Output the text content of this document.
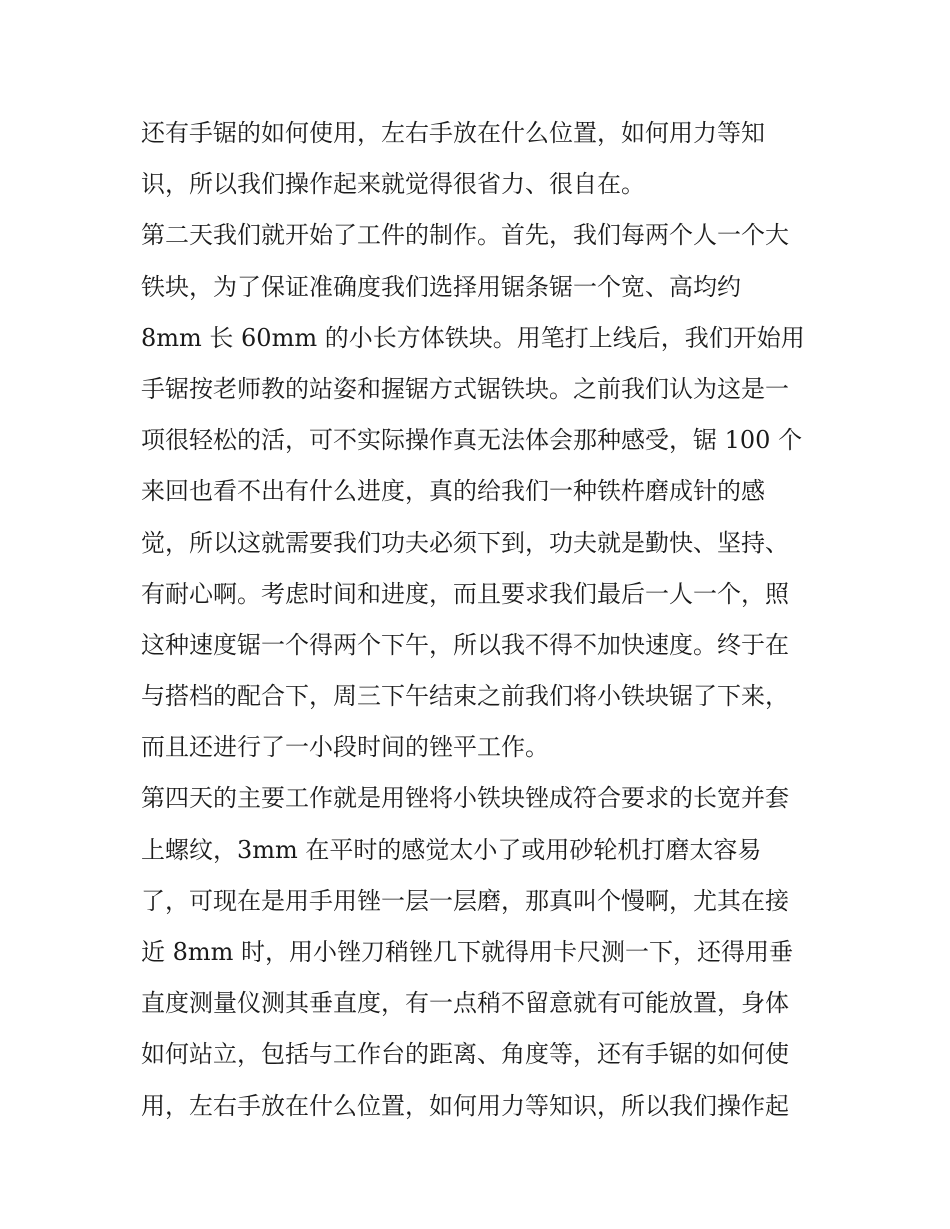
还有手锯的如何使用，左右手放在什么位置，如何用力等知
识，所以我们操作起来就觉得很省力、很自在。
第二天我们就开始了工件的制作。首先，我们每两个人一个大
铁块，为了保证准确度我们选择用锯条锯一个宽、高均约
8mm 长 60mm 的小长方体铁块。用笔打上线后，我们开始用
手锯按老师教的站姿和握锯方式锯铁块。之前我们认为这是一
项很轻松的活，可不实际操作真无法体会那种感受，锯 100 个
来回也看不出有什么进度，真的给我们一种铁杵磨成针的感
觉，所以这就需要我们功夫必须下到，功夫就是勤快、坚持、
有耐心啊。考虑时间和进度，而且要求我们最后一人一个，照
这种速度锯一个得两个下午，所以我不得不加快速度。终于在
与搭档的配合下，周三下午结束之前我们将小铁块锯了下来，
而且还进行了一小段时间的锉平工作。
第四天的主要工作就是用锉将小铁块锉成符合要求的长宽并套
上螺纹，3mm 在平时的感觉太小了或用砂轮机打磨太容易
了，可现在是用手用锉一层一层磨，那真叫个慢啊，尤其在接
近 8mm 时，用小锉刀稍锉几下就得用卡尺测一下，还得用垂
直度测量仪测其垂直度，有一点稍不留意就有可能放置，身体
如何站立，包括与工作台的距离、角度等，还有手锯的如何使
用，左右手放在什么位置，如何用力等知识，所以我们操作起
